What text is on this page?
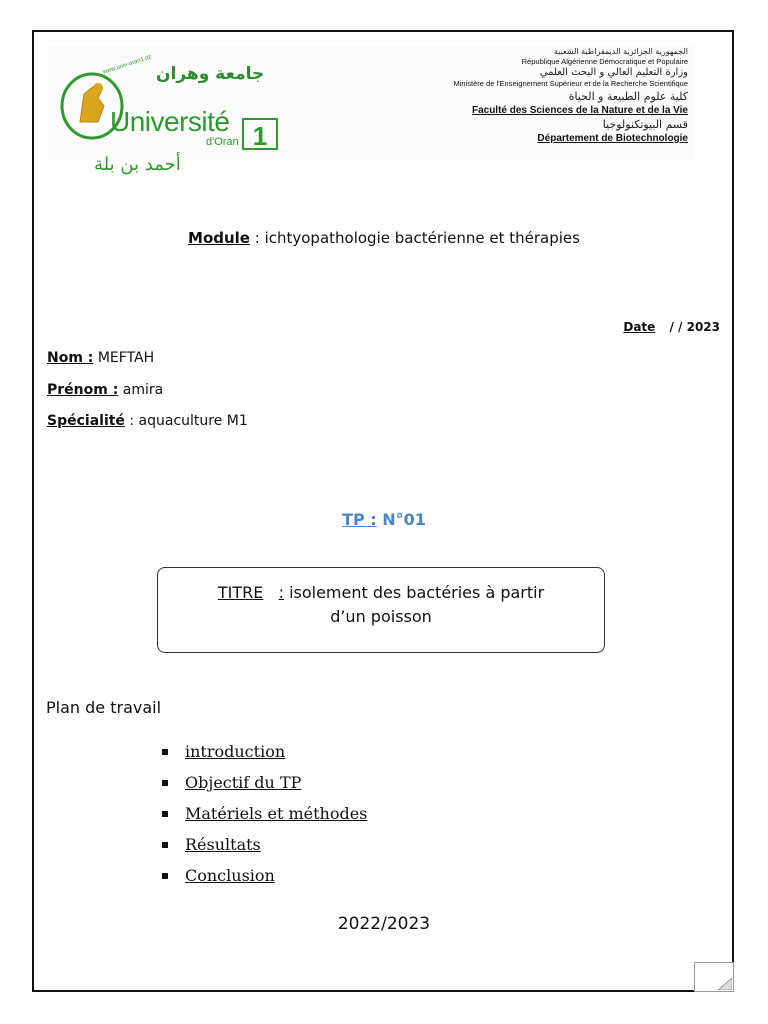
www.univ-oran1.dz جامعة وهران
Université
d'Oran 1
أحمد بن بلة
الجمهورية الجزائرية الديمقراطية الشعبية
République Algérienne Démocratique et Populaire
وزارة التعليم العالي و البحث العلمي
Ministère de l'Enseignement Supérieur et de la Recherche Scientifique
كلية علوم الطبيعة و الحياة
Faculté des Sciences de la Nature et de la Vie
قسم البيوتكنولوجيا
Département de Biotechnologie
Module : ichtyopathologie bactérienne et thérapies
Date / / 2023
Nom : MEFTAH
Prénom : amira
Spécialité : aquaculture M1
TP : N°01
TITRE : isolement des bactéries à partir
d’un poisson
Plan de travail
introduction
Objectif du TP
Matériels et méthodes
Résultats
Conclusion
2022/2023
